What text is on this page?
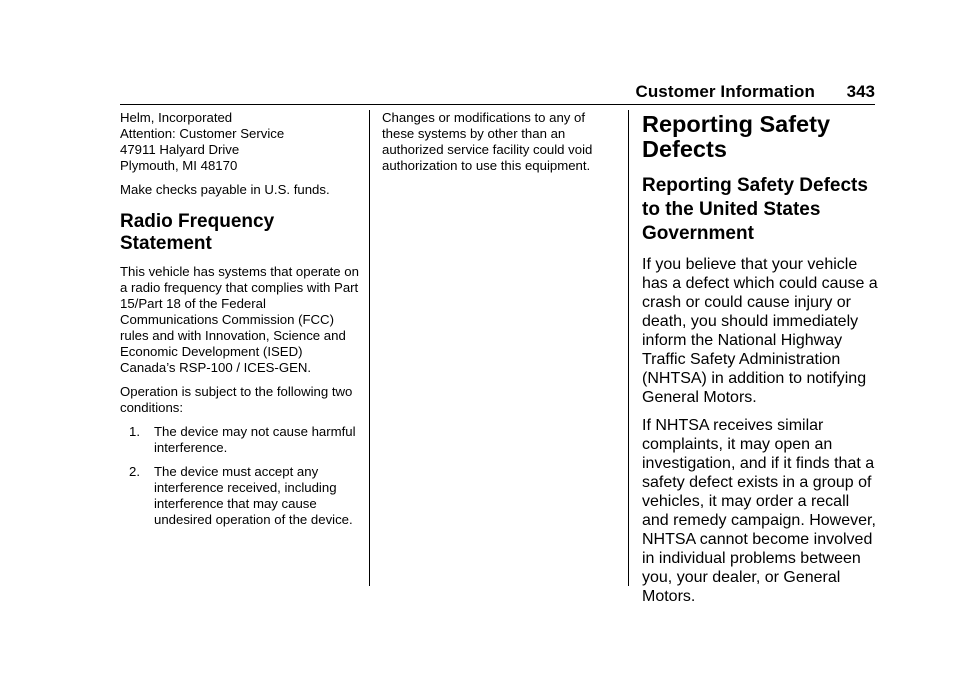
Customer Information 343

Helm, Incorporated
Attention: Customer Service
47911 Halyard Drive
Plymouth, MI 48170

Make checks payable in U.S. funds.

Radio Frequency Statement

This vehicle has systems that operate on a radio frequency that complies with Part 15/Part 18 of the Federal Communications Commission (FCC) rules and with Innovation, Science and Economic Development (ISED) Canada’s RSP-100 / ICES-GEN.

Operation is subject to the following two conditions:

1. The device may not cause harmful interference.
2. The device must accept any interference received, including interference that may cause undesired operation of the device.

Changes or modifications to any of these systems by other than an authorized service facility could void authorization to use this equipment.

Reporting Safety Defects
Reporting Safety Defects to the United States Government

If you believe that your vehicle has a defect which could cause a crash or could cause injury or death, you should immediately inform the National Highway Traffic Safety Administration (NHTSA) in addition to notifying General Motors.

If NHTSA receives similar complaints, it may open an investigation, and if it finds that a safety defect exists in a group of vehicles, it may order a recall and remedy campaign. However, NHTSA cannot become involved in individual problems between you, your dealer, or General Motors.
